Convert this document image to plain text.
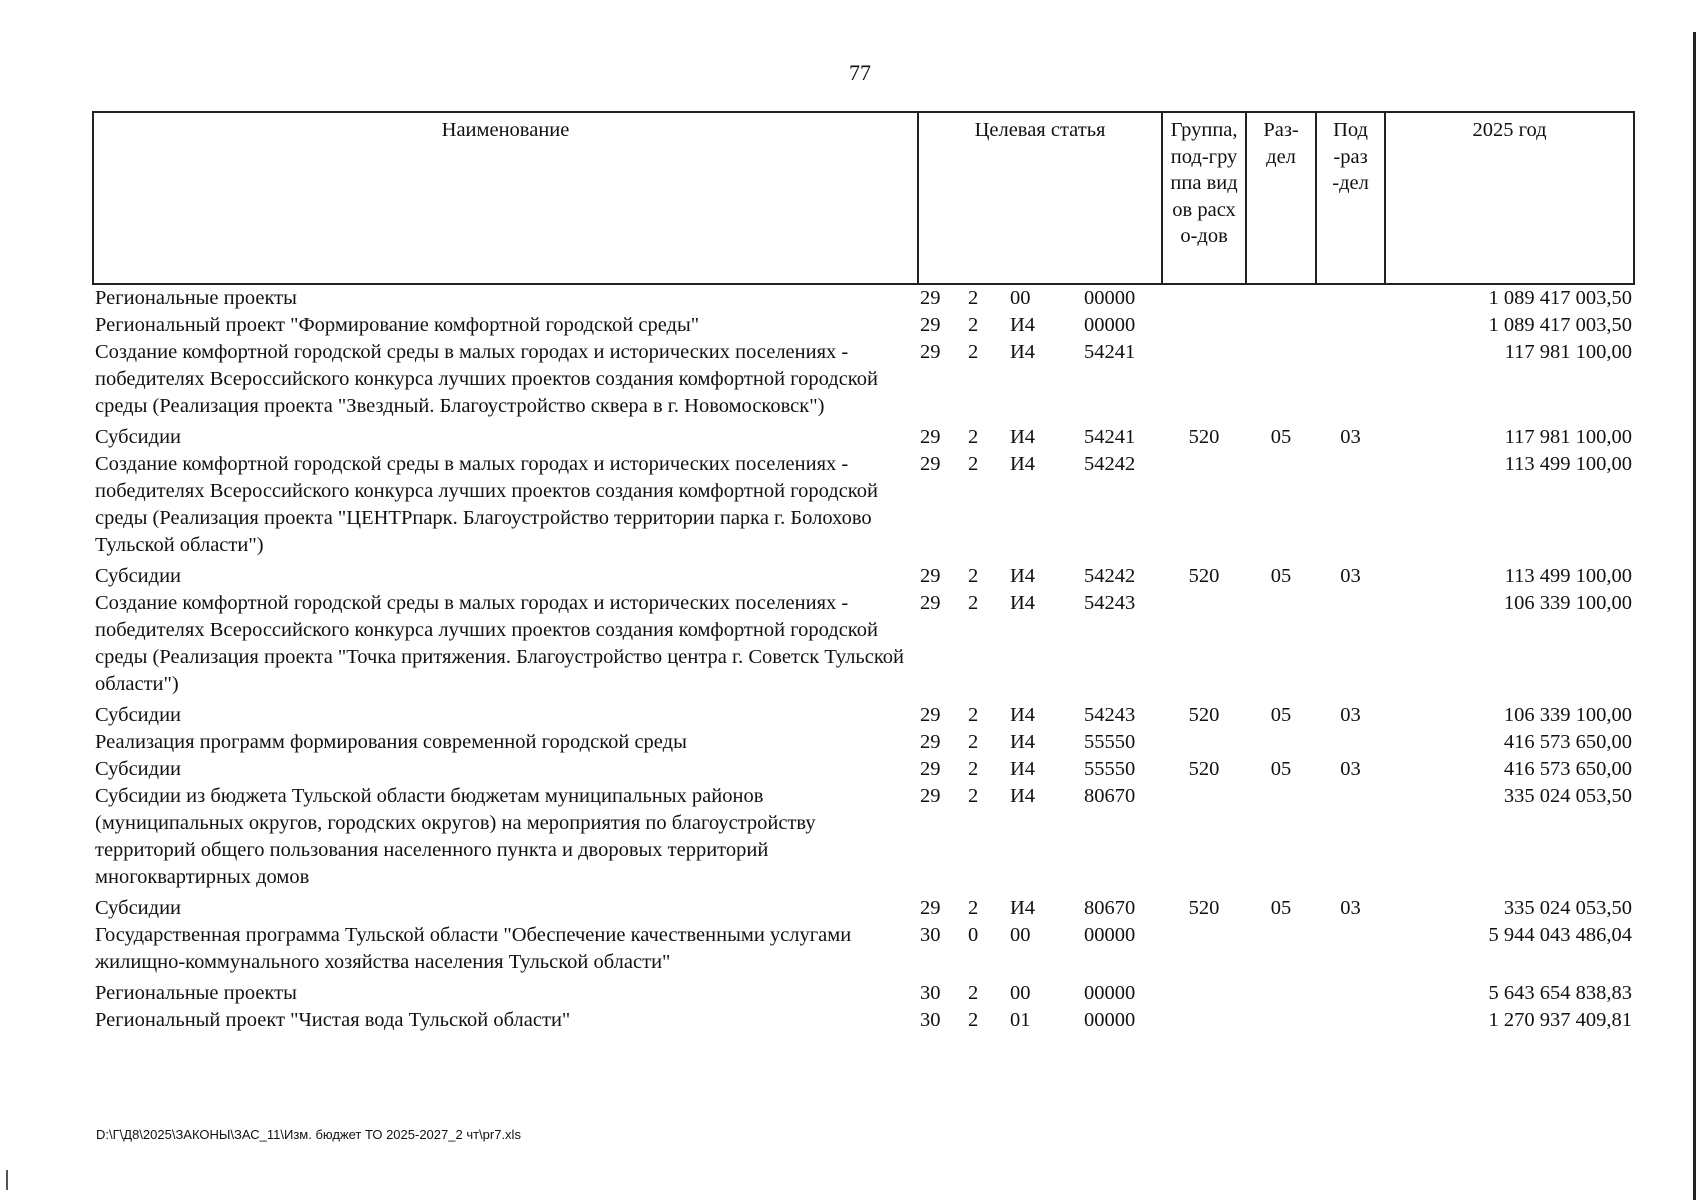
77
Наименование	Целевая статья				Группа, под-группа видов расхо-дов	Раз-дел	Под-раз-дел	2025 год
Региональные проекты	29	2	00	00000				1 089 417 003,50
Региональный проект "Формирование комфортной городской среды"	29	2	И4	00000				1 089 417 003,50
Создание комфортной городской среды в малых городах и исторических поселениях - победителях Всероссийского конкурса лучших проектов создания комфортной городской среды (Реализация проекта "Звездный. Благоустройство сквера в г. Новомосковск")	29	2	И4	54241				117 981 100,00
Субсидии	29	2	И4	54241	520	05	03	117 981 100,00
Создание комфортной городской среды в малых городах и исторических поселениях - победителях Всероссийского конкурса лучших проектов создания комфортной городской среды (Реализация проекта "ЦЕНТРпарк. Благоустройство территории парка г. Болохово Тульской области")	29	2	И4	54242				113 499 100,00
Субсидии	29	2	И4	54242	520	05	03	113 499 100,00
Создание комфортной городской среды в малых городах и исторических поселениях - победителях Всероссийского конкурса лучших проектов создания комфортной городской среды (Реализация проекта "Точка притяжения. Благоустройство центра г. Советск Тульской области")	29	2	И4	54243				106 339 100,00
Субсидии	29	2	И4	54243	520	05	03	106 339 100,00
Реализация программ формирования современной городской среды	29	2	И4	55550				416 573 650,00
Субсидии	29	2	И4	55550	520	05	03	416 573 650,00
Субсидии из бюджета Тульской области бюджетам муниципальных районов (муниципальных округов, городских округов) на мероприятия по благоустройству территорий общего пользования населенного пункта и дворовых территорий многоквартирных домов	29	2	И4	80670				335 024 053,50
Субсидии	29	2	И4	80670	520	05	03	335 024 053,50
Государственная программа Тульской области "Обеспечение качественными услугами жилищно-коммунального хозяйства населения Тульской области"	30	0	00	00000				5 944 043 486,04
Региональные проекты	30	2	00	00000				5 643 654 838,83
Региональный проект "Чистая вода Тульской области"	30	2	01	00000				1 270 937 409,81
D:\Г\Д8\2025\ЗАКОНЫ\ЗАС_11\Изм. бюджет ТО 2025-2027_2 чт\pr7.xls
